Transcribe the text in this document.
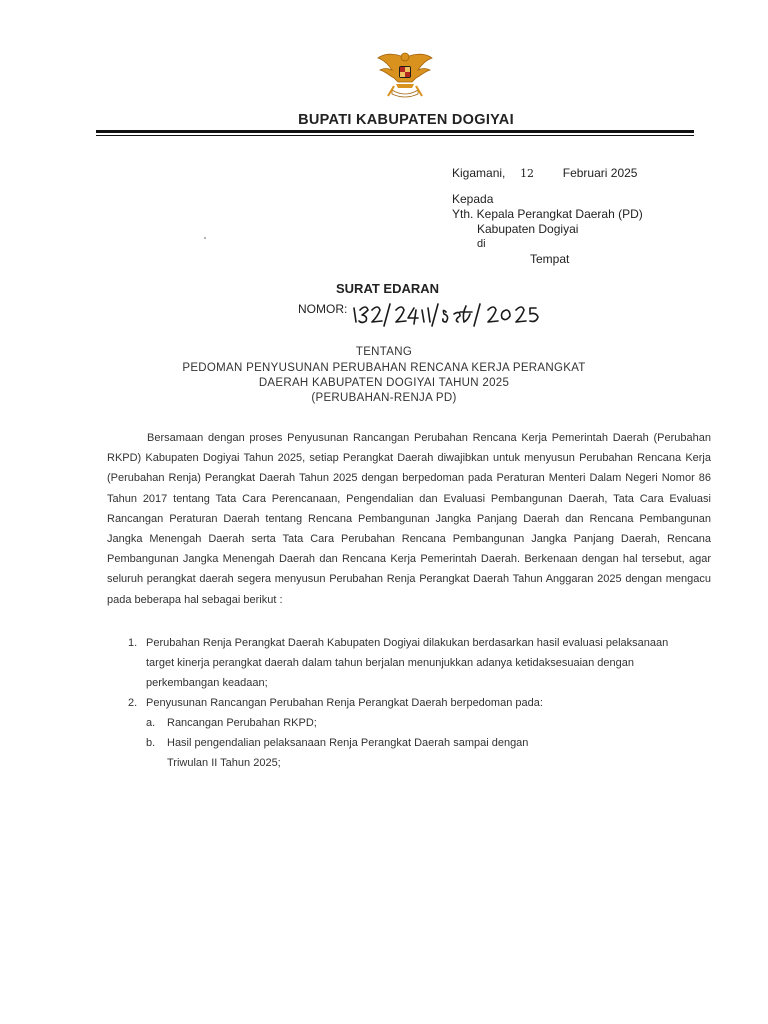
BUPATI KABUPATEN DOGIYAI
Kigamani, 12 Februari 2025
Kepada
Yth. Kepala Perangkat Daerah (PD)
Kabupaten Dogiyai
di
Tempat
SURAT EDARAN
NOMOR:
TENTANG
PEDOMAN PENYUSUNAN PERUBAHAN RENCANA KERJA PERANGKAT
DAERAH KABUPATEN DOGIYAI TAHUN 2025
(PERUBAHAN-RENJA PD)
Bersamaan dengan proses Penyusunan Rancangan Perubahan Rencana Kerja Pemerintah Daerah (Perubahan RKPD) Kabupaten Dogiyai Tahun 2025, setiap Perangkat Daerah diwajibkan untuk menyusun Perubahan Rencana Kerja (Perubahan Renja) Perangkat Daerah Tahun 2025 dengan berpedoman pada Peraturan Menteri Dalam Negeri Nomor 86 Tahun 2017 tentang Tata Cara Perencanaan, Pengendalian dan Evaluasi Pembangunan Daerah, Tata Cara Evaluasi Rancangan Peraturan Daerah tentang Rencana Pembangunan Jangka Panjang Daerah dan Rencana Pembangunan Jangka Menengah Daerah serta Tata Cara Perubahan Rencana Pembangunan Jangka Panjang Daerah, Rencana Pembangunan Jangka Menengah Daerah dan Rencana Kerja Pemerintah Daerah. Berkenaan dengan hal tersebut, agar seluruh perangkat daerah segera menyusun Perubahan Renja Perangkat Daerah Tahun Anggaran 2025 dengan mengacu pada beberapa hal sebagai berikut :
1. Perubahan Renja Perangkat Daerah Kabupaten Dogiyai dilakukan berdasarkan hasil evaluasi pelaksanaan
target kinerja perangkat daerah dalam tahun berjalan menunjukkan adanya ketidaksesuaian dengan
perkembangan keadaan;
2. Penyusunan Rancangan Perubahan Renja Perangkat Daerah berpedoman pada:
a. Rancangan Perubahan RKPD;
b. Hasil pengendalian pelaksanaan Renja Perangkat Daerah sampai dengan
Triwulan II Tahun 2025;
